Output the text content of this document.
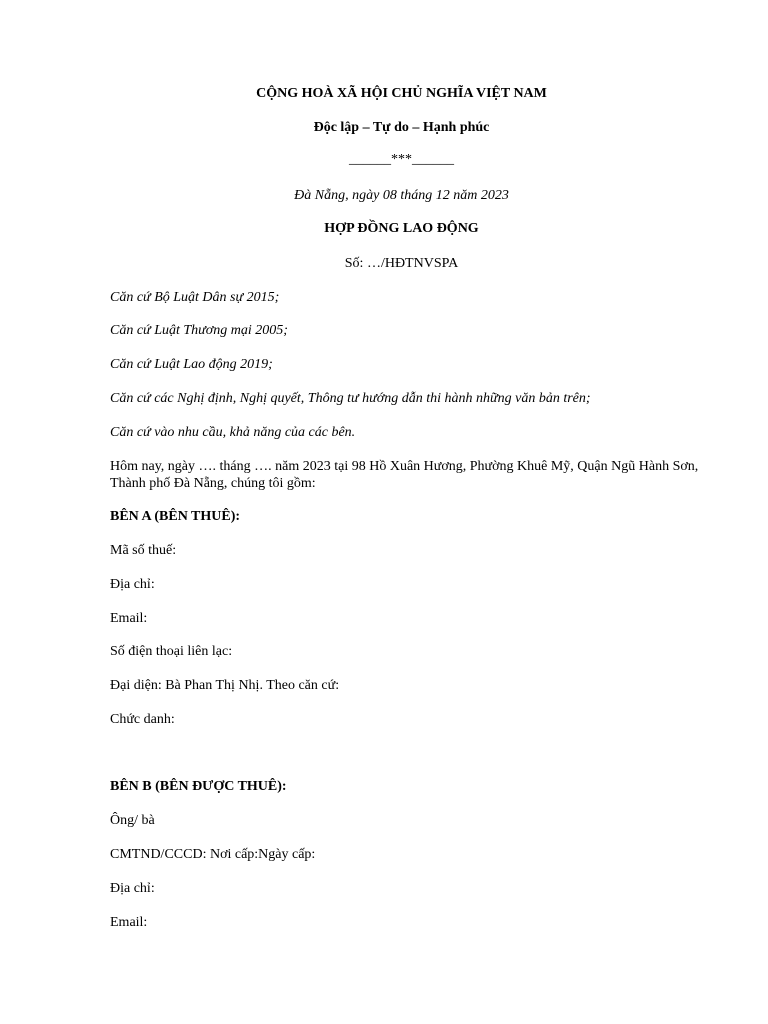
CỘNG HOÀ XÃ HỘI CHỦ NGHĨA VIỆT NAM
Độc lập – Tự do – Hạnh phúc
______***______
Đà Nẵng, ngày 08 tháng 12 năm 2023
HỢP ĐỒNG LAO ĐỘNG
Số: …/HĐTNVSPA
Căn cứ Bộ Luật Dân sự 2015;
Căn cứ Luật Thương mại 2005;
Căn cứ Luật Lao động 2019;
Căn cứ các Nghị định, Nghị quyết, Thông tư hướng dẫn thi hành những văn bản trên;
Căn cứ vào nhu cầu, khả năng của các bên.
Hôm nay, ngày …. tháng …. năm 2023 tại 98 Hồ Xuân Hương, Phường Khuê Mỹ, Quận Ngũ Hành Sơn, Thành phố Đà Nẵng, chúng tôi gồm:
BÊN A (BÊN THUÊ):
Mã số thuế:
Địa chỉ:
Email:
Số điện thoại liên lạc:
Đại diện: Bà Phan Thị Nhị. Theo căn cứ:
Chức danh:
BÊN B (BÊN ĐƯỢC THUÊ):
Ông/ bà
CMTND/CCCD: Nơi cấp:Ngày cấp:
Địa chỉ:
Email:
